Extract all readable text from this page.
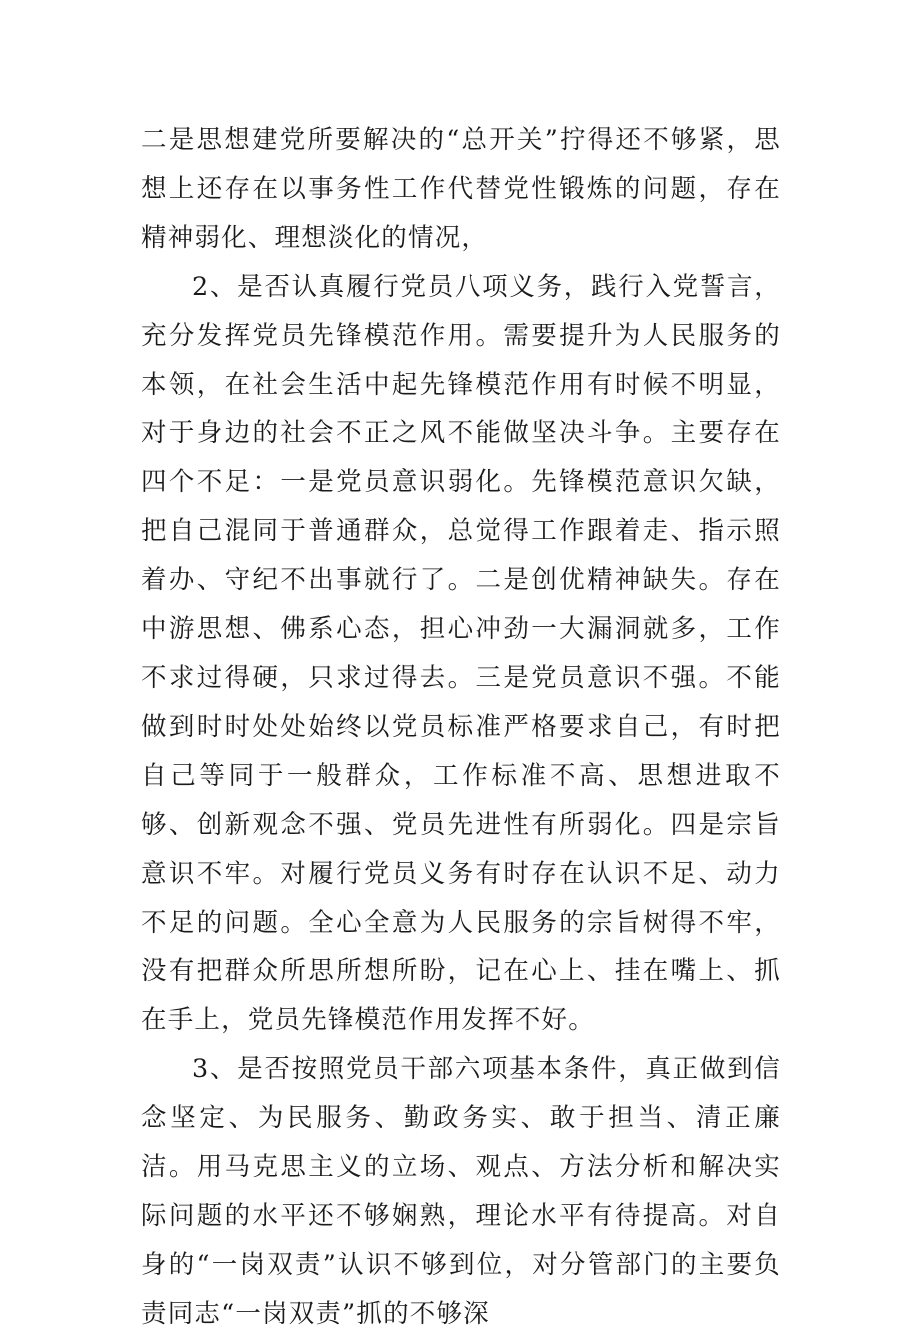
二是思想建党所要解决的“总开关”拧得还不够紧，思想上还存在以事务性工作代替党性锻炼的问题，存在精神弱化、理想淡化的情况，

2、是否认真履行党员八项义务，践行入党誓言，充分发挥党员先锋模范作用。需要提升为人民服务的本领，在社会生活中起先锋模范作用有时候不明显，对于身边的社会不正之风不能做坚决斗争。主要存在四个不足：一是党员意识弱化。先锋模范意识欠缺，把自己混同于普通群众，总觉得工作跟着走、指示照着办、守纪不出事就行了。二是创优精神缺失。存在中游思想、佛系心态，担心冲劲一大漏洞就多，工作不求过得硬，只求过得去。三是党员意识不强。不能做到时时处处始终以党员标准严格要求自己，有时把自己等同于一般群众，工作标准不高、思想进取不够、创新观念不强、党员先进性有所弱化。四是宗旨意识不牢。对履行党员义务有时存在认识不足、动力不足的问题。全心全意为人民服务的宗旨树得不牢，没有把群众所思所想所盼，记在心上、挂在嘴上、抓在手上，党员先锋模范作用发挥不好。

3、是否按照党员干部六项基本条件，真正做到信念坚定、为民服务、勤政务实、敢于担当、清正廉洁。用马克思主义的立场、观点、方法分析和解决实际问题的水平还不够娴熟，理论水平有待提高。对自身的“一岗双责”认识不够到位，对分管部门的主要负责同志“一岗双责”抓的不够深
